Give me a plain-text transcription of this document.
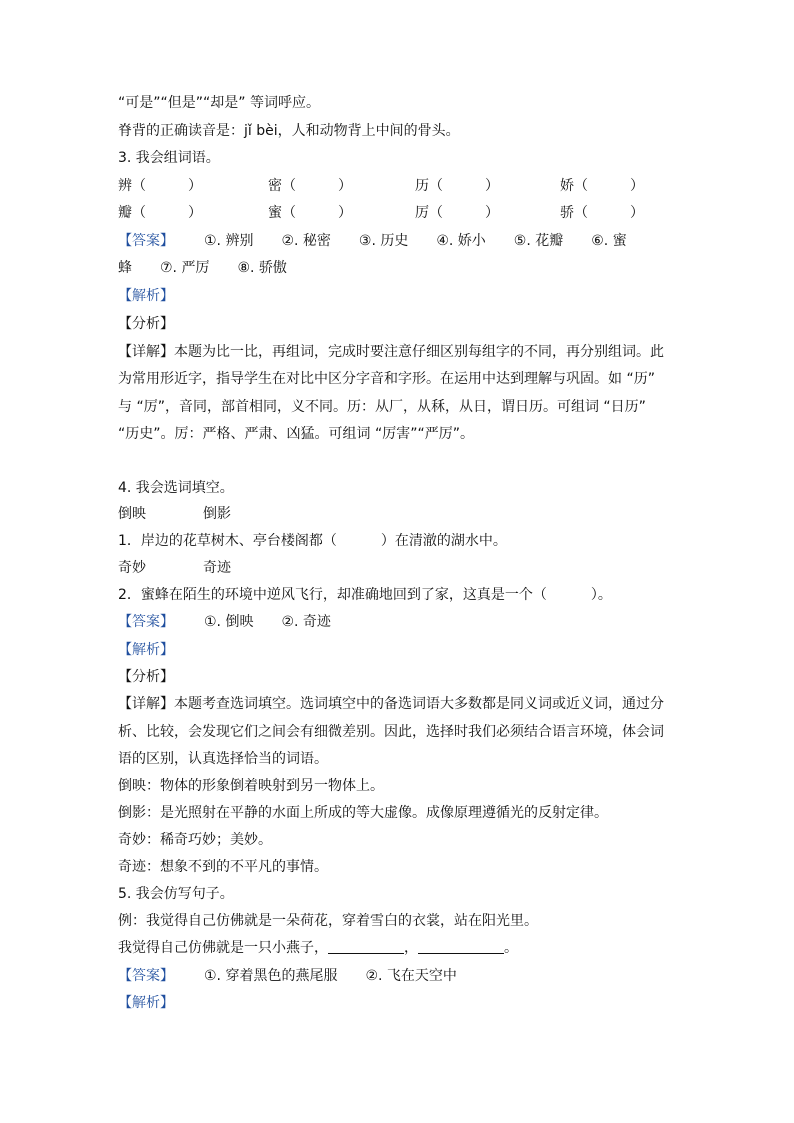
“可是”“但是”“却是” 等词呼应。
脊背的正确读音是：jǐ bèi，人和动物背上中间的骨头。
3. 我会组词语。
辨（　　　）	密（　　　）	历（　　　）	娇（　　　）
瓣（　　　）	蜜（　　　）	厉（　　　）	骄（　　　）
【答案】 ①. 辨别　　②. 秘密　　③. 历史　　④. 娇小　　⑤. 花瓣　　⑥. 蜜
蜂　　⑦. 严厉　　⑧. 骄傲
【解析】
【分析】
【详解】本题为比一比，再组词，完成时要注意仔细区别每组字的不同，再分别组词。此
为常用形近字，指导学生在对比中区分字音和字形。在运用中达到理解与巩固。如 “历”
与 “厉”，音同，部首相同，义不同。历：从厂，从秝，从日，谓日历。可组词 “日历”
“历史”。厉：严格、严肃、凶猛。可组词 “厉害”“严厉”。
4. 我会选词填空。
倒映	倒影
1．岸边的花草树木、亭台楼阁都（	）在清澈的湖水中。
奇妙	奇迹
2．蜜蜂在陌生的环境中逆风飞行，却准确地回到了家，这真是一个（	）。
【答案】 ①. 倒映　　②. 奇迹
【解析】
【分析】
【详解】本题考查选词填空。选词填空中的备选词语大多数都是同义词或近义词，通过分
析、比较，会发现它们之间会有细微差别。因此，选择时我们必须结合语言环境，体会词
语的区别，认真选择恰当的词语。
倒映：物体的形象倒着映射到另一物体上。
倒影：是光照射在平静的水面上所成的等大虚像。成像原理遵循光的反射定律。
奇妙：稀奇巧妙；美妙。
奇迹：想象不到的不平凡的事情。
5. 我会仿写句子。
例：我觉得自己仿佛就是一朵荷花，穿着雪白的衣裳，站在阳光里。
我觉得自己仿佛就是一只小燕子，	，	。
【答案】 ①. 穿着黑色的燕尾服　　②. 飞在天空中
【解析】
